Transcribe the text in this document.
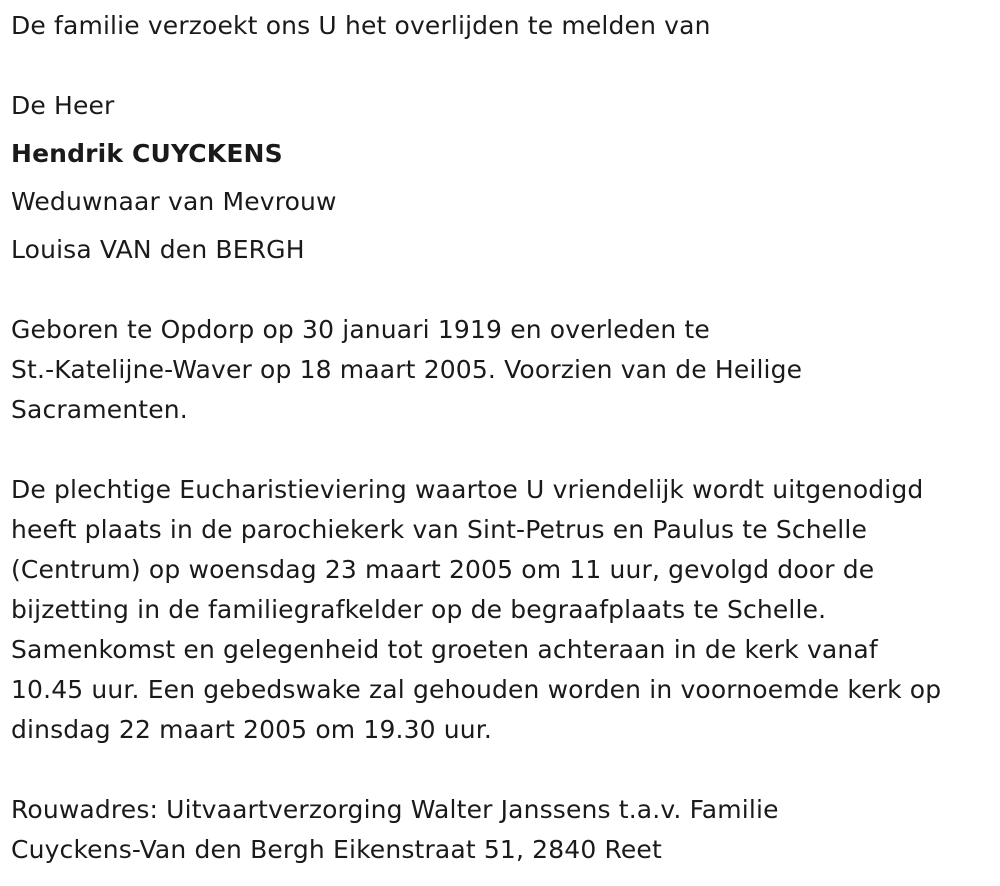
De familie verzoekt ons U het overlijden te melden van

De Heer

Hendrik CUYCKENS

Weduwnaar van Mevrouw

Louisa VAN den BERGH

Geboren te Opdorp op 30 januari 1919 en overleden te

St.-Katelijne-Waver op 18 maart 2005. Voorzien van de Heilige

Sacramenten.

De plechtige Eucharistieviering waartoe U vriendelijk wordt uitgenodigd

heeft plaats in de parochiekerk van Sint-Petrus en Paulus te Schelle

(Centrum) op woensdag 23 maart 2005 om 11 uur, gevolgd door de

bijzetting in de familiegrafkelder op de begraafplaats te Schelle.

Samenkomst en gelegenheid tot groeten achteraan in de kerk vanaf

10.45 uur. Een gebedswake zal gehouden worden in voornoemde kerk op

dinsdag 22 maart 2005 om 19.30 uur.

Rouwadres: Uitvaartverzorging Walter Janssens t.a.v. Familie

Cuyckens-Van den Bergh Eikenstraat 51, 2840 Reet
